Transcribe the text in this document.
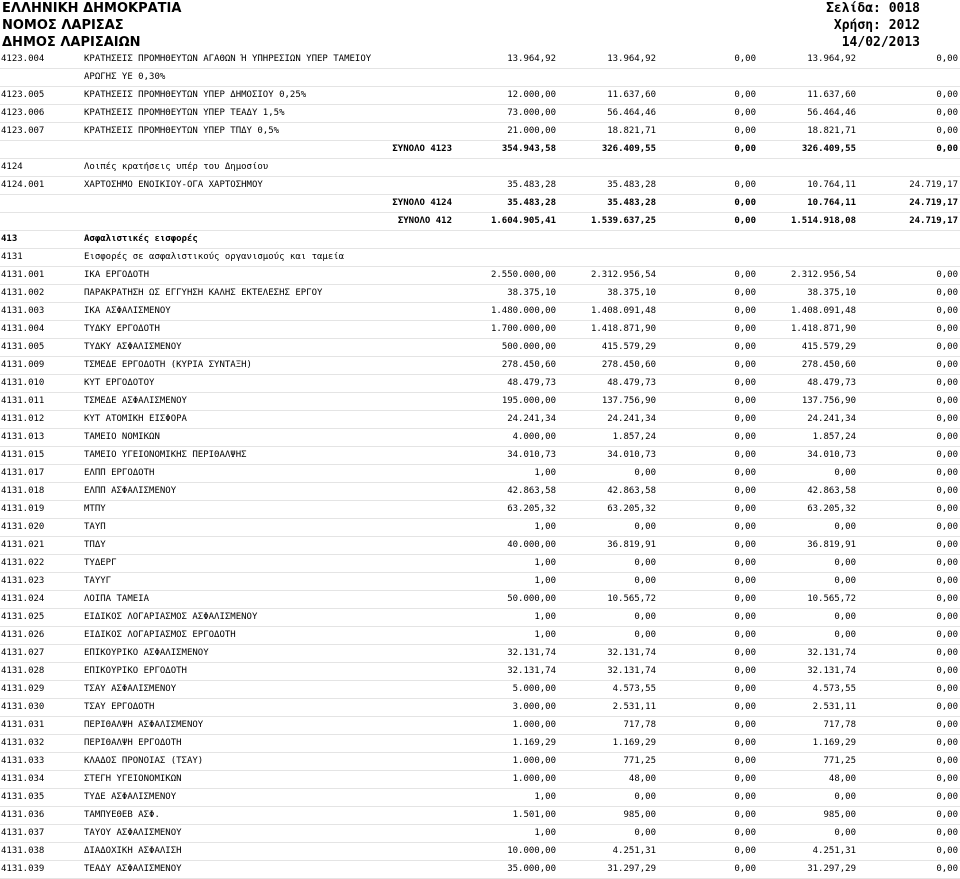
ΕΛΛΗΝΙΚΗ ΔΗΜΟΚΡΑΤΙΑ	Σελίδα: 0018
ΝΟΜΟΣ ΛΑΡΙΣΑΣ	Χρήση: 2012
ΔΗΜΟΣ ΛΑΡΙΣΑΙΩΝ	14/02/2013
4123.004	ΚΡΑΤΗΣΕΙΣ ΠΡΟΜΗΘΕΥΤΩΝ ΑΓΑΘΩΝ Ή ΥΠΗΡΕΣΙΩΝ ΥΠΕΡ ΤΑΜΕΙΟΥ	13.964,92	13.964,92	0,00	13.964,92	0,00
ΑΡΩΓΗΣ ΥΕ 0,30%
4123.005	ΚΡΑΤΗΣΕΙΣ ΠΡΟΜΗΘΕΥΤΩΝ ΥΠΕΡ ΔΗΜΟΣΙΟΥ 0,25%	12.000,00	11.637,60	0,00	11.637,60	0,00
4123.006	ΚΡΑΤΗΣΕΙΣ ΠΡΟΜΗΘΕΥΤΩΝ ΥΠΕΡ ΤΕΑΔΥ 1,5%	73.000,00	56.464,46	0,00	56.464,46	0,00
4123.007	ΚΡΑΤΗΣΕΙΣ ΠΡΟΜΗΘΕΥΤΩΝ ΥΠΕΡ ΤΠΔΥ 0,5%	21.000,00	18.821,71	0,00	18.821,71	0,00
ΣΥΝΟΛΟ 4123	354.943,58	326.409,55	0,00	326.409,55	0,00
4124	Λοιπές κρατήσεις υπέρ του Δημοσίου
4124.001	ΧΑΡΤΟΣΗΜΟ ΕΝΟΙΚΙΟΥ-ΟΓΑ ΧΑΡΤΟΣΗΜΟΥ	35.483,28	35.483,28	0,00	10.764,11	24.719,17
ΣΥΝΟΛΟ 4124	35.483,28	35.483,28	0,00	10.764,11	24.719,17
ΣΥΝΟΛΟ 412	1.604.905,41	1.539.637,25	0,00	1.514.918,08	24.719,17
413	Ασφαλιστικές εισφορές
4131	Εισφορές σε ασφαλιστικούς οργανισμούς και ταμεία
4131.001	ΙΚΑ ΕΡΓΟΔΟΤΗ	2.550.000,00	2.312.956,54	0,00	2.312.956,54	0,00
4131.002	ΠΑΡΑΚΡΑΤΗΣΗ ΩΣ ΕΓΓΥΗΣΗ ΚΑΛΗΣ ΕΚΤΕΛΕΣΗΣ ΕΡΓΟΥ	38.375,10	38.375,10	0,00	38.375,10	0,00
4131.003	ΙΚΑ ΑΣΦΑΛΙΣΜΕΝΟΥ	1.480.000,00	1.408.091,48	0,00	1.408.091,48	0,00
4131.004	ΤΥΔΚΥ ΕΡΓΟΔΟΤΗ	1.700.000,00	1.418.871,90	0,00	1.418.871,90	0,00
4131.005	ΤΥΔΚΥ ΑΣΦΑΛΙΣΜΕΝΟΥ	500.000,00	415.579,29	0,00	415.579,29	0,00
4131.009	ΤΣΜΕΔΕ ΕΡΓΟΔΟΤΗ (ΚΥΡΙΑ ΣΥΝΤΑΞΗ)	278.450,60	278.450,60	0,00	278.450,60	0,00
4131.010	ΚΥΤ ΕΡΓΟΔΟΤΟΥ	48.479,73	48.479,73	0,00	48.479,73	0,00
4131.011	ΤΣΜΕΔΕ ΑΣΦΑΛΙΣΜΕΝΟΥ	195.000,00	137.756,90	0,00	137.756,90	0,00
4131.012	ΚΥΤ ΑΤΟΜΙΚΗ ΕΙΣΦΟΡΑ	24.241,34	24.241,34	0,00	24.241,34	0,00
4131.013	ΤΑΜΕΙΟ ΝΟΜΙΚΩΝ	4.000,00	1.857,24	0,00	1.857,24	0,00
4131.015	ΤΑΜΕΙΟ ΥΓΕΙΟΝΟΜΙΚΗΣ ΠΕΡΙΘΑΛΨΗΣ	34.010,73	34.010,73	0,00	34.010,73	0,00
4131.017	ΕΛΠΠ ΕΡΓΟΔΟΤΗ	1,00	0,00	0,00	0,00	0,00
4131.018	ΕΛΠΠ ΑΣΦΑΛΙΣΜΕΝΟΥ	42.863,58	42.863,58	0,00	42.863,58	0,00
4131.019	ΜΤΠΥ	63.205,32	63.205,32	0,00	63.205,32	0,00
4131.020	ΤΑΥΠ	1,00	0,00	0,00	0,00	0,00
4131.021	ΤΠΔΥ	40.000,00	36.819,91	0,00	36.819,91	0,00
4131.022	ΤΥΔΕΡΓ	1,00	0,00	0,00	0,00	0,00
4131.023	ΤΑΥΥΓ	1,00	0,00	0,00	0,00	0,00
4131.024	ΛΟΙΠΑ ΤΑΜΕΙΑ	50.000,00	10.565,72	0,00	10.565,72	0,00
4131.025	ΕΙΔΙΚΟΣ ΛΟΓΑΡΙΑΣΜΟΣ ΑΣΦΑΛΙΣΜΕΝΟΥ	1,00	0,00	0,00	0,00	0,00
4131.026	ΕΙΔΙΚΟΣ ΛΟΓΑΡΙΑΣΜΟΣ ΕΡΓΟΔΟΤΗ	1,00	0,00	0,00	0,00	0,00
4131.027	ΕΠΙΚΟΥΡΙΚΟ ΑΣΦΑΛΙΣΜΕΝΟΥ	32.131,74	32.131,74	0,00	32.131,74	0,00
4131.028	ΕΠΙΚΟΥΡΙΚΟ ΕΡΓΟΔΟΤΗ	32.131,74	32.131,74	0,00	32.131,74	0,00
4131.029	ΤΣΑΥ ΑΣΦΑΛΙΣΜΕΝΟΥ	5.000,00	4.573,55	0,00	4.573,55	0,00
4131.030	ΤΣΑΥ ΕΡΓΟΔΟΤΗ	3.000,00	2.531,11	0,00	2.531,11	0,00
4131.031	ΠΕΡΙΘΑΛΨΗ ΑΣΦΑΛΙΣΜΕΝΟΥ	1.000,00	717,78	0,00	717,78	0,00
4131.032	ΠΕΡΙΘΑΛΨΗ ΕΡΓΟΔΟΤΗ	1.169,29	1.169,29	0,00	1.169,29	0,00
4131.033	ΚΛΑΔΟΣ ΠΡΟΝΟΙΑΣ (ΤΣΑΥ)	1.000,00	771,25	0,00	771,25	0,00
4131.034	ΣΤΕΓΗ ΥΓΕΙΟΝΟΜΙΚΩΝ	1.000,00	48,00	0,00	48,00	0,00
4131.035	ΤΥΔΕ ΑΣΦΑΛΙΣΜΕΝΟΥ	1,00	0,00	0,00	0,00	0,00
4131.036	ΤΑΜΠΥΕΘΕΒ ΑΣΦ.	1.501,00	985,00	0,00	985,00	0,00
4131.037	ΤΑΥΟΥ ΑΣΦΑΛΙΣΜΕΝΟΥ	1,00	0,00	0,00	0,00	0,00
4131.038	ΔΙΑΔΟΧΙΚΗ ΑΣΦΑΛΙΣΗ	10.000,00	4.251,31	0,00	4.251,31	0,00
4131.039	ΤΕΑΔΥ ΑΣΦΑΛΙΣΜΕΝΟΥ	35.000,00	31.297,29	0,00	31.297,29	0,00
